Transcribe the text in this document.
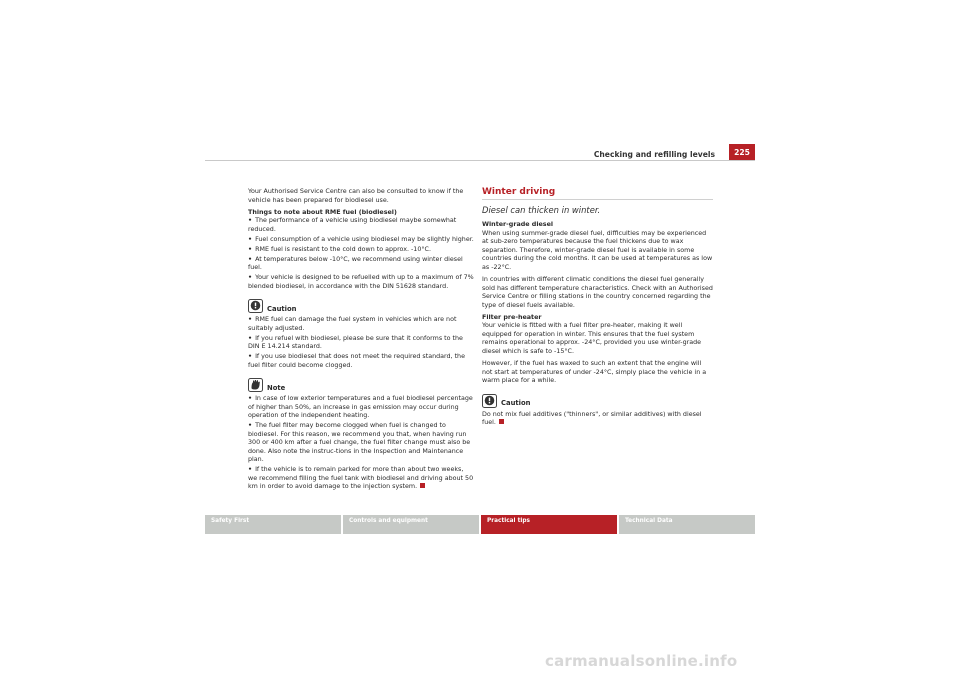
Checking and refilling levels	225

Your Authorised Service Centre can also be consulted to know if the vehicle has been prepared for biodiesel use.

Things to note about RME fuel (biodiesel)

• The performance of a vehicle using biodiesel maybe somewhat reduced.
• Fuel consumption of a vehicle using biodiesel may be slightly higher.
• RME fuel is resistant to the cold down to approx. -10°C.
• At temperatures below -10°C, we recommend using winter diesel fuel.
• Your vehicle is designed to be refuelled with up to a maximum of 7% blended biodiesel, in accordance with the DIN 51628 standard.
Caution
• RME fuel can damage the fuel system in vehicles which are not suitably adjusted.
• If you refuel with biodiesel, please be sure that it conforms to the DIN E 14.214 standard.
• If you use biodiesel that does not meet the required standard, the fuel filter could become clogged.
Note
• In case of low exterior temperatures and a fuel biodiesel percentage of higher than 50%, an increase in gas emission may occur during operation of the independent heating.
• The fuel filter may become clogged when fuel is changed to biodiesel. For this reason, we recommend you that, when having run 300 or 400 km after a fuel change, the fuel filter change must also be done. Also note the instruc-tions in the Inspection and Maintenance plan.
• If the vehicle is to remain parked for more than about two weeks, we recommend filling the fuel tank with biodiesel and driving about 50 km in order to avoid damage to the injection system.
Winter driving
Diesel can thicken in winter.

Winter-grade diesel

When using summer-grade diesel fuel, difficulties may be experienced at sub-zero temperatures because the fuel thickens due to wax separation. Therefore, winter-grade diesel fuel is available in some countries during the cold months. It can be used at temperatures as low as -22°C.

In countries with different climatic conditions the diesel fuel generally sold has different temperature characteristics. Check with an Authorised Service Centre or filling stations in the country concerned regarding the type of diesel fuels available.

Filter pre-heater

Your vehicle is fitted with a fuel filter pre-heater, making it well equipped for operation in winter. This ensures that the fuel system remains operational to approx. -24°C, provided you use winter-grade diesel which is safe to -15°C.

However, if the fuel has waxed to such an extent that the engine will not start at temperatures of under -24°C, simply place the vehicle in a warm place for a while.

Caution

Do not mix fuel additives ("thinners", or similar additives) with diesel fuel.

Safety First	Controls and equipment	Practical tips	Technical Data
carmanualsonline.info
